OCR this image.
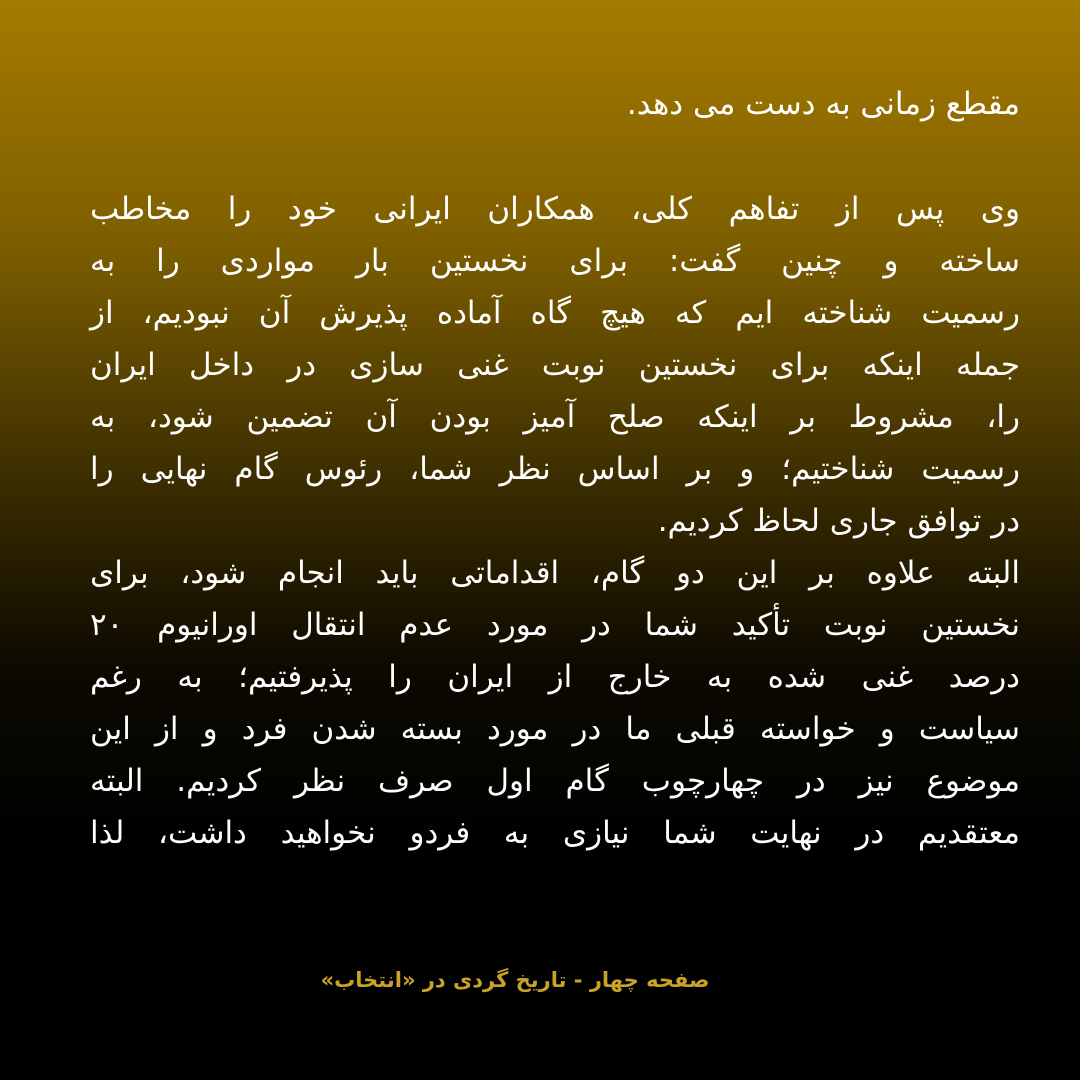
مقطع زمانی به دست می دهد.
وی پس از تفاهم کلی، همکاران ایرانی خود را مخاطب
ساخته و چنین گفت: برای نخستین بار مواردی را به
رسمیت شناخته ایم که هیچ گاه آماده پذیرش آن نبودیم، از
جمله اینکه برای نخستین نوبت غنی سازی در داخل ایران
را، مشروط بر اینکه صلح آمیز بودن آن تضمین شود، به
رسمیت شناختیم؛ و بر اساس نظر شما، رئوس گام نهایی را
در توافق جاری لحاظ کردیم.
البته علاوه بر این دو گام، اقداماتی باید انجام شود، برای
نخستین نوبت تأکید شما در مورد عدم انتقال اورانیوم ۲۰
درصد غنی شده به خارج از ایران را پذیرفتیم؛ به رغم
سیاست و خواسته قبلی ما در مورد بسته شدن فرد و از این
موضوع نیز در چهارچوب گام اول صرف نظر کردیم. البته
معتقدیم در نهایت شما نیازی به فردو نخواهید داشت، لذا
صفحه چهار - تاریخ گردی در «انتخاب»
